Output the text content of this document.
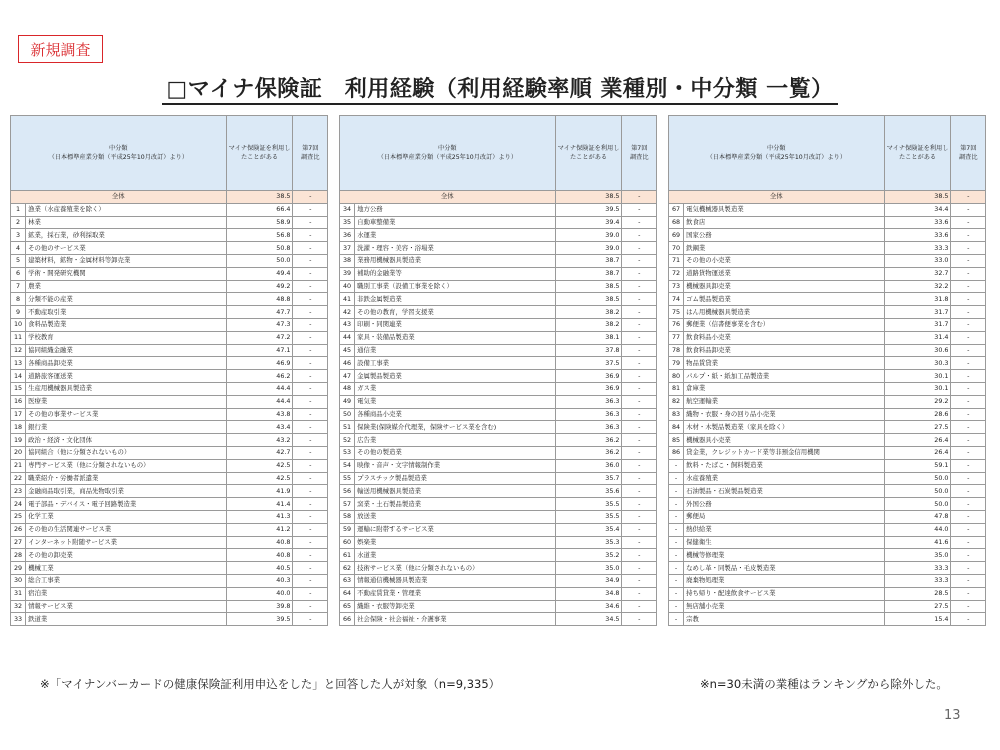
新規調査
□マイナ保険証　利用経験（利用経験率順 業種別・中分類 一覧）
中分類
（日本標準産業分類（平成25年10月改訂）より）		マイナ保険証を利用したことがある	第7回
調査比
全体		38.5	-
1	漁業（水産養殖業を除く）	66.4	-
2	林業	58.9	-
3	鉱業，採石業，砂利採取業	56.8	-
4	その他のサービス業	50.8	-
5	建築材料，鉱物・金属材料等卸売業	50.0	-
6	学術・開発研究機関	49.4	-
7	農業	49.2	-
8	分類不能の産業	48.8	-
9	不動産取引業	47.7	-
10	食料品製造業	47.3	-
11	学校教育	47.2	-
12	協同組織金融業	47.1	-
13	各種商品卸売業	46.9	-
14	道路旅客運送業	46.2	-
15	生産用機械器具製造業	44.4	-
16	医療業	44.4	-
17	その他の事業サービス業	43.8	-
18	銀行業	43.4	-
19	政治・経済・文化団体	43.2	-
20	協同組合（他に分類されないもの）	42.7	-
21	専門サービス業（他に分類されないもの）	42.5	-
22	職業紹介・労働者派遣業	42.5	-
23	金融商品取引業，商品先物取引業	41.9	-
24	電子部品・デバイス・電子回路製造業	41.4	-
25	化学工業	41.3	-
26	その他の生活関連サービス業	41.2	-
27	インターネット附随サービス業	40.8	-
28	その他の卸売業	40.8	-
29	機械工業	40.5	-
30	総合工事業	40.3	-
31	宿泊業	40.0	-
32	情報サービス業	39.8	-
33	鉄道業	39.5	-
中分類
（日本標準産業分類（平成25年10月改訂）より）		マイナ保険証を利用したことがある	第7回
調査比
全体		38.5	-
34	地方公務	39.5	-
35	自動車整備業	39.4	-
36	水運業	39.0	-
37	洗濯・理容・美容・浴場業	39.0	-
38	業務用機械器具製造業	38.7	-
39	補助的金融業等	38.7	-
40	職別工事業（設備工事業を除く）	38.5	-
41	非鉄金属製造業	38.5	-
42	その他の教育，学習支援業	38.2	-
43	印刷・同関連業	38.2	-
44	家具・装備品製造業	38.1	-
45	通信業	37.8	-
46	設備工事業	37.5	-
47	金属製品製造業	36.9	-
48	ガス業	36.9	-
49	電気業	36.3	-
50	各種商品小売業	36.3	-
51	保険業(保険媒介代理業，保険サービス業を含む)	36.3	-
52	広告業	36.2	-
53	その他の製造業	36.2	-
54	映像・音声・文字情報制作業	36.0	-
55	プラスチック製品製造業	35.7	-
56	輸送用機械器具製造業	35.6	-
57	窯業・土石製品製造業	35.5	-
58	放送業	35.5	-
59	運輸に附帯するサービス業	35.4	-
60	娯楽業	35.3	-
61	水道業	35.2	-
62	技術サービス業（他に分類されないもの）	35.0	-
63	情報通信機械器具製造業	34.9	-
64	不動産賃貸業・管理業	34.8	-
65	織維・衣服等卸売業	34.6	-
66	社会保険・社会福祉・介護事業	34.5	-
中分類
（日本標準産業分類（平成25年10月改訂）より）		マイナ保険証を利用したことがある	第7回
調査比
全体		38.5	-
67	電気機械器具製造業	34.4	-
68	飲食店	33.6	-
69	国家公務	33.6	-
70	鉄鋼業	33.3	-
71	その他の小売業	33.0	-
72	道路貨物運送業	32.7	-
73	機械器具卸売業	32.2	-
74	ゴム製品製造業	31.8	-
75	はん用機械器具製造業	31.7	-
76	郵便業（信書便事業を含む）	31.7	-
77	飲食料品小売業	31.4	-
78	飲食料品卸売業	30.6	-
79	物品賃貸業	30.3	-
80	パルプ・紙・紙加工品製造業	30.1	-
81	倉庫業	30.1	-
82	航空運輸業	29.2	-
83	織物・衣服・身の回り品小売業	28.6	-
84	木材・木製品製造業（家具を除く）	27.5	-
85	機械器具小売業	26.4	-
86	貸金業，クレジットカード業等非預金信用機関	26.4	-
-	飲料・たばこ・飼料製造業	59.1	-
-	水産養殖業	50.0	-
-	石油製品・石炭製品製造業	50.0	-
-	外国公務	50.0	-
-	郵便局	47.8	-
-	熱供給業	44.0	-
-	保健衛生	41.6	-
-	機械等修理業	35.0	-
-	なめし革・同製品・毛皮製造業	33.3	-
-	廃棄物処理業	33.3	-
-	持ち帰り・配達飲食サービス業	28.5	-
-	無店舗小売業	27.5	-
-	宗教	15.4	-
※「マイナンバーカードの健康保険証利用申込をした」と回答した人が対象（n=9,335）	※n=30未満の業種はランキングから除外した。
13
